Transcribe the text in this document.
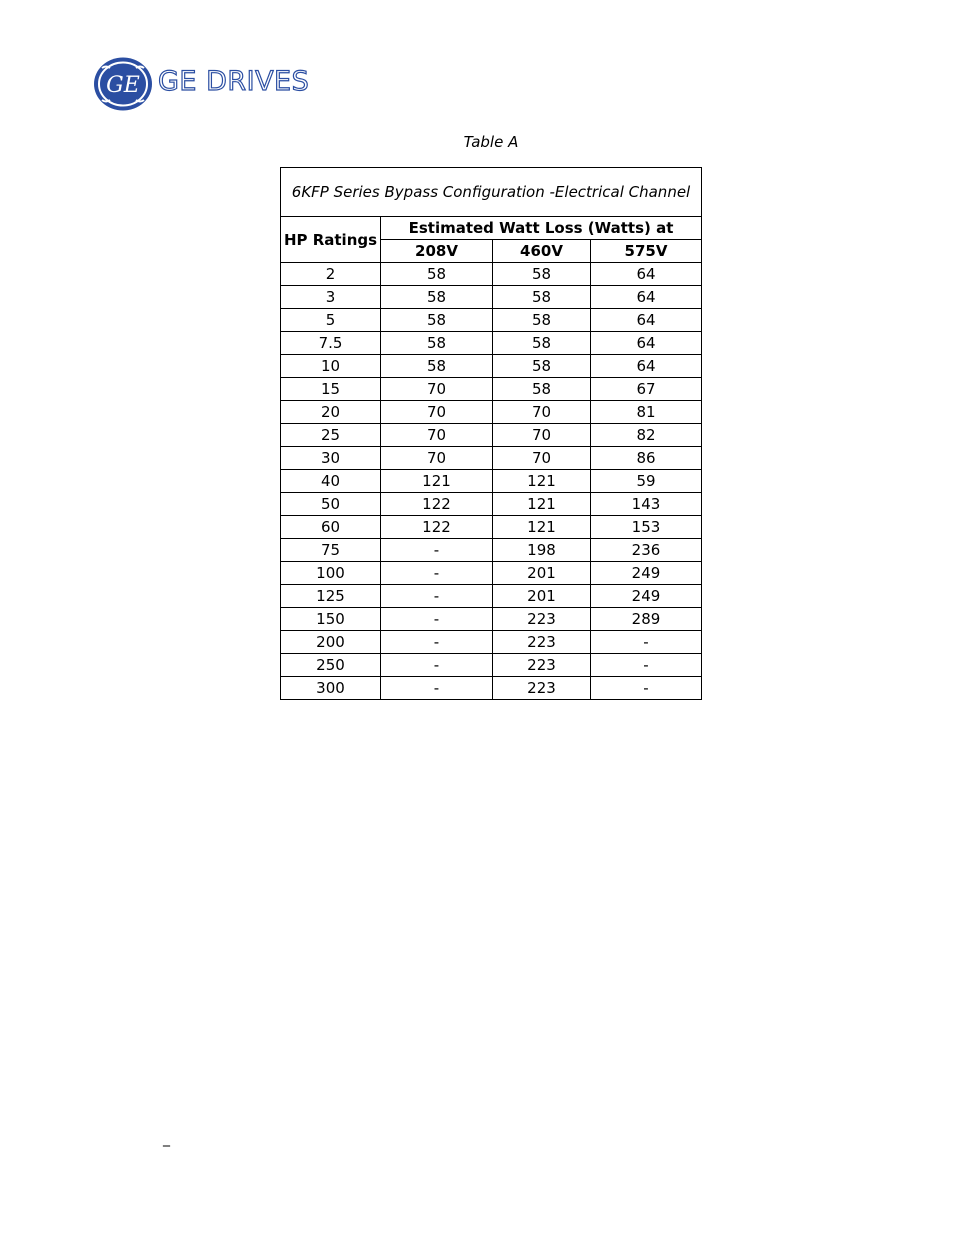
GE GE DRIVES
Table A
6KFP Series Bypass Configuration -Electrical Channel			
HP Ratings	Estimated Watt Loss (Watts) at		
	208V	460V	575V
2	58	58	64
3	58	58	64
5	58	58	64
7.5	58	58	64
10	58	58	64
15	70	58	67
20	70	70	81
25	70	70	82
30	70	70	86
40	121	121	59
50	122	121	143
60	122	121	153
75	-	198	236
100	-	201	249
125	-	201	249
150	-	223	289
200	-	223	-
250	-	223	-
300	-	223	-
_
